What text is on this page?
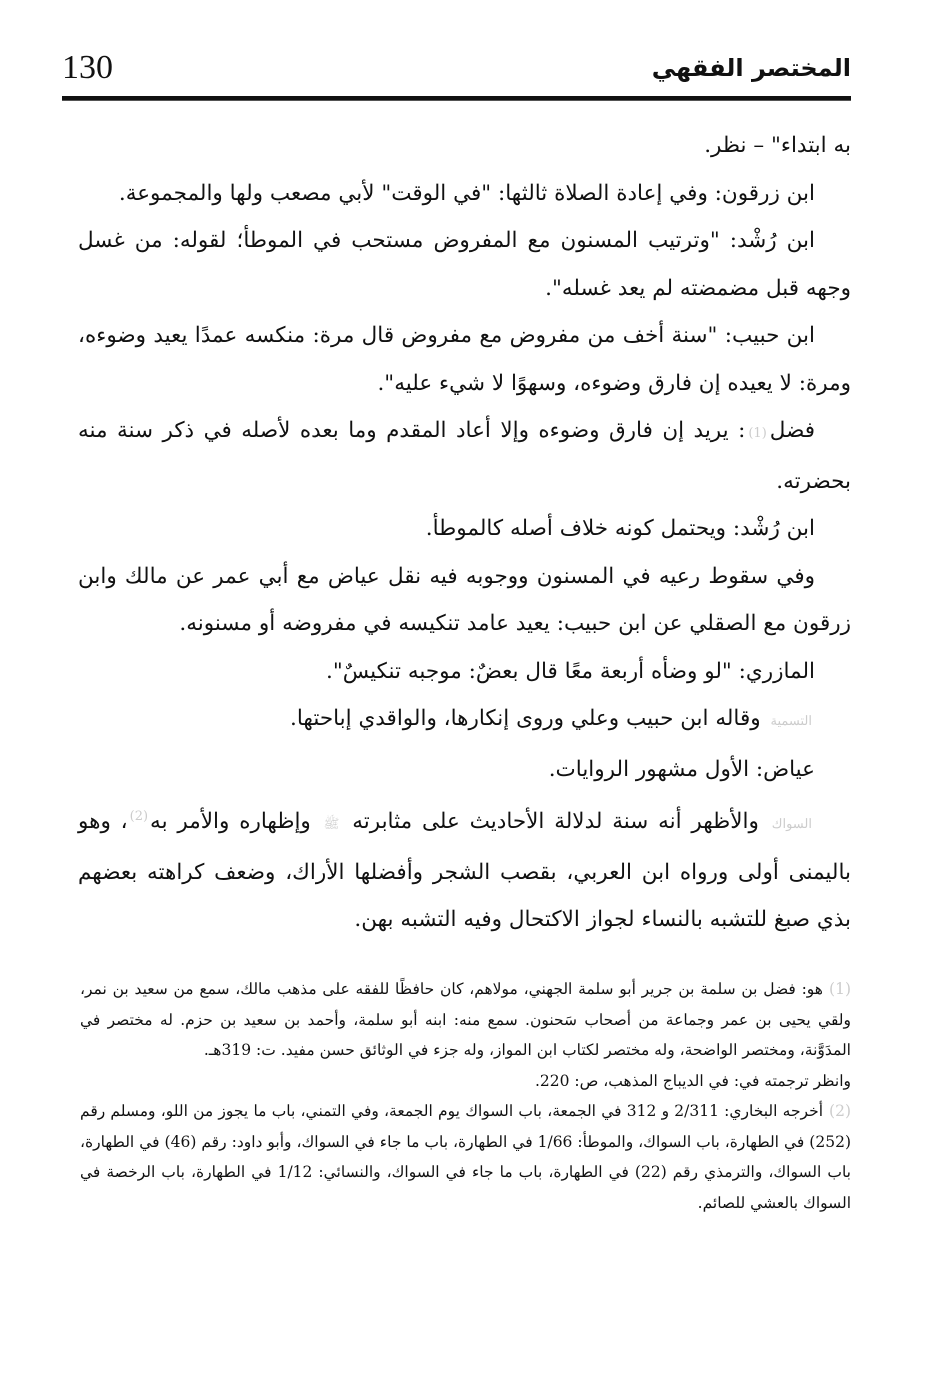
130	المختصر الفقهي

به ابتداء" – نظر.

ابن زرقون: وفي إعادة الصلاة ثالثها: "في الوقت" لأبي مصعب ولها والمجموعة.

ابن رُشْد: "وترتيب المسنون مع المفروض مستحب في الموطأ؛ لقوله: من غسل وجهه قبل مضمضته لم يعد غسله".

ابن حبيب: "سنة أخف من مفروض مع مفروض قال مرة: منكسه عمدًا يعيد وضوءه، ومرة: لا يعيده إن فارق وضوءه، وسهوًا لا شيء عليه".

فضل(1): يريد إن فارق وضوءه وإلا أعاد المقدم وما بعده لأصله في ذكر سنة منه بحضرته.

ابن رُشْد: ويحتمل كونه خلاف أصله كالموطأ.

وفي سقوط رعيه في المسنون ووجوبه فيه نقل عياض مع أبي عمر عن مالك وابن زرقون مع الصقلي عن ابن حبيب: يعيد عامد تنكيسه في مفروضه أو مسنونه.

المازري: "لو وضأه أربعة معًا قال بعضٌ: موجبه تنكيسٌ".

التسمية وقاله ابن حبيب وعلي وروى إنكارها، والواقدي إباحتها.

عياض: الأول مشهور الروايات.

السواك والأظهر أنه سنة لدلالة الأحاديث على مثابرته ﷺ وإظهاره والأمر به$^{(2)}$، وهو باليمنى أولى ورواه ابن العربي، بقصب الشجر وأفضلها الأراك، وضعف كراهته بعضهم بذي صبغ للتشبه بالنساء لجواز الاكتحال وفيه التشبه بهن.

(1)هو: فضل بن سلمة بن جرير أبو سلمة الجهني، مولاهم، كان حافظًا للفقه على مذهب مالك، سمع من سعيد بن نمر، ولقي يحيى بن عمر وجماعة من أصحاب سَحنون. سمع منه: ابنه أبو سلمة، وأحمد بن سعيد بن حزم. له مختصر في المدَوَّنة، ومختصر الواضحة، وله مختصر لكتاب ابن المواز، وله جزء في الوثائق حسن مفيد. ت: 319هـ.

وانظر ترجمته في: في الديباج المذهب، ص: 220.

(2)أخرجه البخاري: 2/311 و 312 في الجمعة، باب السواك يوم الجمعة، وفي التمني، باب ما يجوز من اللو، ومسلم رقم (252) في الطهارة، باب السواك، والموطأ: 1/66 في الطهارة، باب ما جاء في السواك، وأبو داود: رقم (46) في الطهارة، باب السواك، والترمذي رقم (22) في الطهارة، باب ما جاء في السواك، والنسائي: 1/12 في الطهارة، باب الرخصة في السواك بالعشي للصائم.
